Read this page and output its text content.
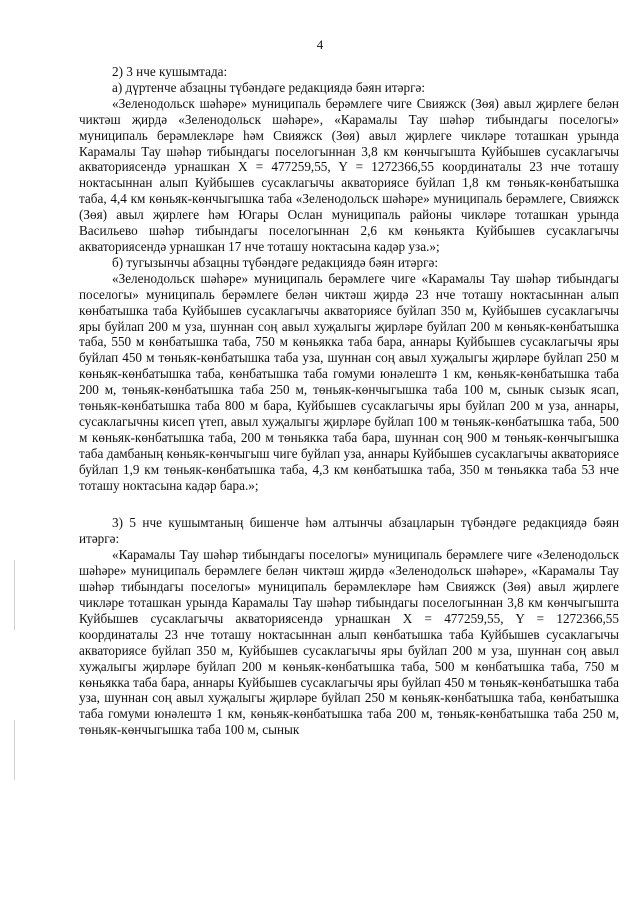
4

2) 3 нче кушымтада:

а) дүртенче абзацны түбәндәге редакциядә бәян итәргә:

«Зеленодольск шәһәре» муниципаль берәмлеге чиге Свияжск (Зөя) авыл җирлеге белән чиктәш җирдә «Зеленодольск шәһәре», «Карамалы Тау шәһәр тибындагы поселогы» муниципаль берәмлекләре һәм Свияжск (Зөя) авыл җирлеге чикләре тоташкан урында Карамалы Тау шәһәр тибындагы поселогыннан 3,8 км көнчыгышта Куйбышев сусаклагычы акваториясендә урнашкан X = 477259,55, Y = 1272366,55 координаталы 23 нче тоташу ноктасыннан алып Куйбышев сусаклагычы акваториясе буйлап 1,8 км төньяк-көнбатышка таба, 4,4 км көньяк-көнчыгышка таба «Зеленодольск шәһәре» муниципаль берәмлеге, Свияжск (Зөя) авыл җирлеге һәм Югары Ослан муниципаль районы чикләре тоташкан урында Васильево шәһәр тибындагы поселогыннан 2,6 км көньякта Куйбышев сусаклагычы акваториясендә урнашкан 17 нче тоташу ноктасына кадәр уза.»;

б) тугызынчы абзацны түбәндәге редакциядә бәян итәргә:

«Зеленодольск шәһәре» муниципаль берәмлеге чиге «Карамалы Тау шәһәр тибындагы поселогы» муниципаль берәмлеге белән чиктәш җирдә 23 нче тоташу ноктасыннан алып көнбатышка таба Куйбышев сусаклагычы акваториясе буйлап 350 м, Куйбышев сусаклагычы яры буйлап 200 м уза, шуннан соң авыл хуҗалыгы җирләре буйлап 200 м көньяк-көнбатышка таба, 550 м көнбатышка таба, 750 м көньякка таба бара, аннары Куйбышев сусаклагычы яры буйлап 450 м төньяк-көнбатышка таба уза, шуннан соң авыл хуҗалыгы җирләре буйлап 250 м көньяк-көнбатышка таба, көнбатышка таба гомуми юнәлештә 1 км, көньяк-көнбатышка таба 200 м, төньяк-көнбатышка таба 250 м, төньяк-көнчыгышка таба 100 м, сынык сызык ясап, төньяк-көнбатышка таба 800 м бара, Куйбышев сусаклагычы яры буйлап 200 м уза, аннары, сусаклагычны кисеп үтеп, авыл хуҗалыгы җирләре буйлап 100 м төньяк-көнбатышка таба, 500 м көньяк-көнбатышка таба, 200 м төньякка таба бара, шуннан соң 900 м төньяк-көнчыгышка таба дамбаның көньяк-көнчыгыш чиге буйлап уза, аннары Куйбышев сусаклагычы акваториясе буйлап 1,9 км төньяк-көнбатышка таба, 4,3 км көнбатышка таба, 350 м төньякка таба 53 нче тоташу ноктасына кадәр бара.»;

3) 5 нче кушымтаның бишенче һәм алтынчы абзацларын түбәндәге редакциядә бәян итәргә:

«Карамалы Тау шәһәр тибындагы поселогы» муниципаль берәмлеге чиге «Зеленодольск шәһәре» муниципаль берәмлеге белән чиктәш җирдә «Зеленодольск шәһәре», «Карамалы Тау шәһәр тибындагы поселогы» муниципаль берәмлекләре һәм Свияжск (Зөя) авыл җирлеге чикләре тоташкан урында Карамалы Тау шәһәр тибындагы поселогыннан 3,8 км көнчыгышта Куйбышев сусаклагычы акваториясендә урнашкан X = 477259,55, Y = 1272366,55 координаталы 23 нче тоташу ноктасыннан алып көнбатышка таба Куйбышев сусаклагычы акваториясе буйлап 350 м, Куйбышев сусаклагычы яры буйлап 200 м уза, шуннан соң авыл хуҗалыгы җирләре буйлап 200 м көньяк-көнбатышка таба, 500 м көнбатышка таба, 750 м көньякка таба бара, аннары Куйбышев сусаклагычы яры буйлап 450 м төньяк-көнбатышка таба уза, шуннан соң авыл хуҗалыгы җирләре буйлап 250 м көньяк-көнбатышка таба, көнбатышка таба гомуми юнәлештә 1 км, көньяк-көнбатышка таба 200 м, төньяк-көнбатышка таба 250 м, төньяк-көнчыгышка таба 100 м, сынык
